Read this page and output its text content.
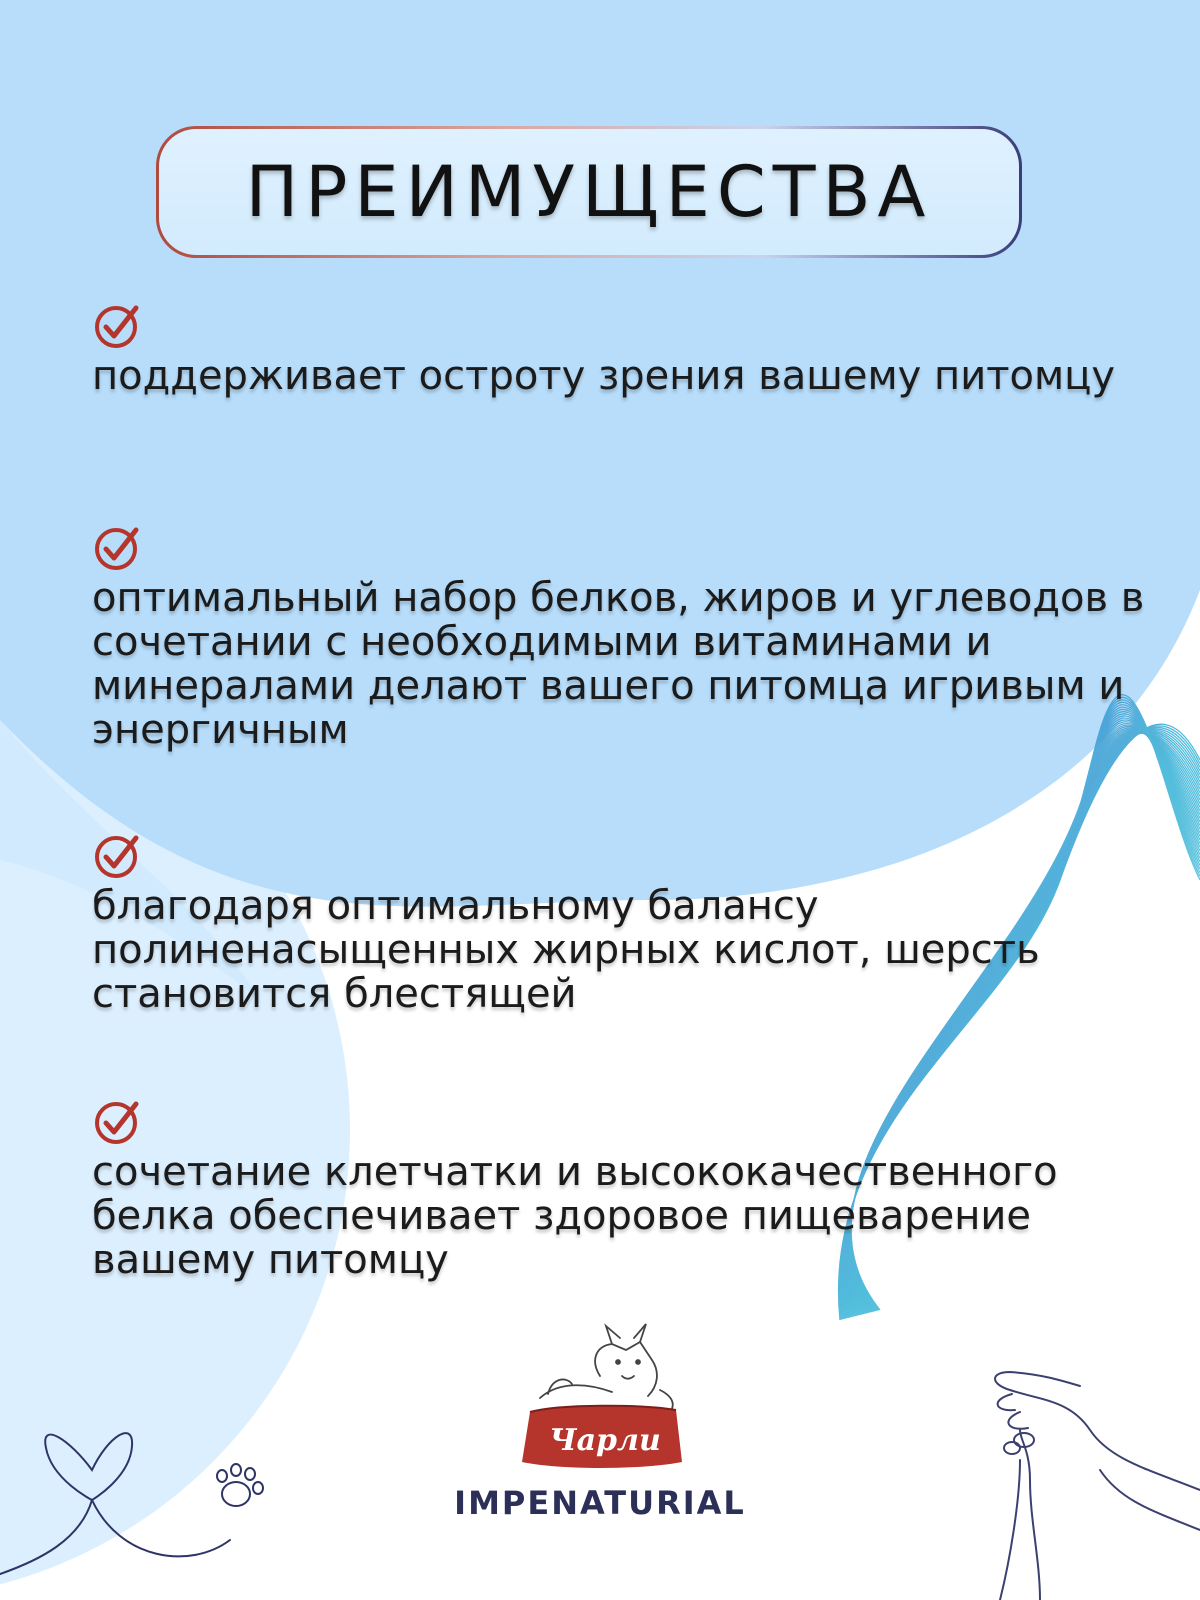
ПРЕИМУЩЕСТВА
поддерживает остроту зрения вашему питомцу
оптимальный набор белков, жиров и углеводов в сочетании с необходимыми витаминами и минералами делают вашего питомца игривым и энергичным
благодаря оптимальному балансу полиненасыщенных жирных кислот, шерсть становится блестящей
сочетание клетчатки и высококачественного белка обеспечивает здоровое пищеварение вашему питомцу
Чарли
IMPENATURIAL
